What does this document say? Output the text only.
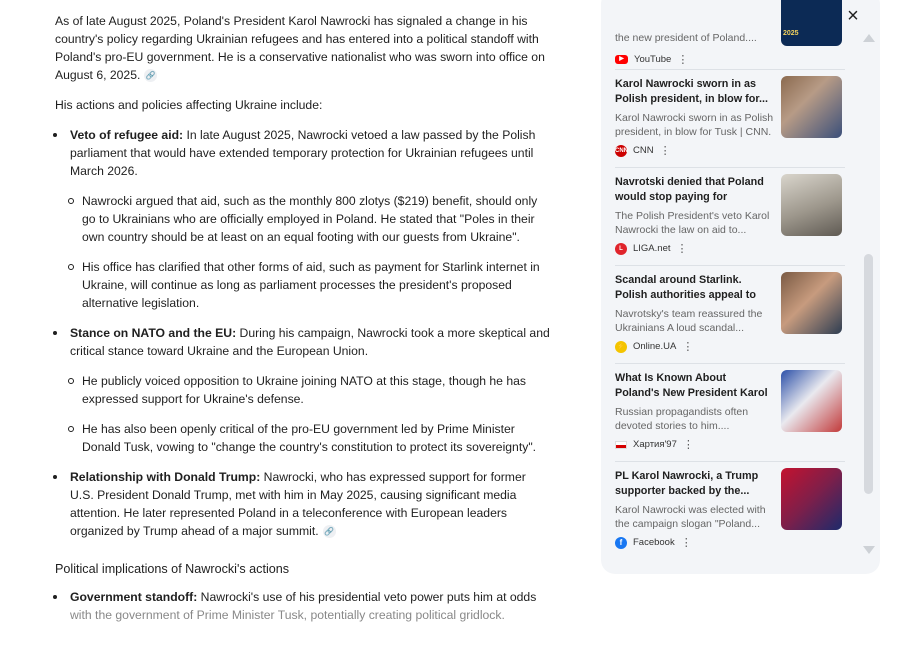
As of late August 2025, Poland's President Karol Nawrocki has signaled a change in his country's policy regarding Ukrainian refugees and has entered into a political standoff with Poland's pro-EU government. He is a conservative nationalist who was sworn into office on August 6, 2025. 🔗

His actions and policies affecting Ukraine include:

Veto of refugee aid: In late August 2025, Nawrocki vetoed a law passed by the Polish parliament that would have extended temporary protection for Ukrainian refugees until March 2026.
Nawrocki argued that aid, such as the monthly 800 zlotys ($219) benefit, should only go to Ukrainians who are officially employed in Poland. He stated that "Poles in their own country should be at least on an equal footing with our guests from Ukraine".
His office has clarified that other forms of aid, such as payment for Starlink internet in Ukraine, will continue as long as parliament processes the president's proposed alternative legislation.
Stance on NATO and the EU: During his campaign, Nawrocki took a more skeptical and critical stance toward Ukraine and the European Union.
He publicly voiced opposition to Ukraine joining NATO at this stage, though he has expressed support for Ukraine's defense.
He has also been openly critical of the pro-EU government led by Prime Minister Donald Tusk, vowing to "change the country's constitution to protect its sovereignty".
Relationship with Donald Trump: Nawrocki, who has expressed support for former U.S. President Donald Trump, met with him in May 2025, causing significant media attention. He later represented Poland in a teleconference with European leaders organized by Trump ahead of a major summit. 🔗
Political implications of Nawrocki's actions
Government standoff: Nawrocki's use of his presidential veto power puts him at odds with the government of Prime Minister Tusk, potentially creating political gridlock.
×
the new president of Poland....
▶	YouTube ⋮
2025
Karol Nawrocki sworn in as Polish president, in blow for...
Karol Nawrocki sworn in as Polish president, in blow for Tusk | CNN.
CNN CNN ⋮
Navrotski denied that Poland would stop paying for
The Polish President's veto Karol Nawrocki the law on aid to...
L	LIGA.net ⋮
Scandal around Starlink. Polish authorities appeal to
Navrotsky's team reassured the Ukrainians A loud scandal...
⚡ Online.UA ⋮
What Is Known About Poland's New President Karol
Russian propagandists often devoted stories to him....
Хартия'97 ⋮
PL Karol Nawrocki, a Trump supporter backed by the...
Karol Nawrocki was elected with the campaign slogan "Poland...
f	Facebook ⋮
